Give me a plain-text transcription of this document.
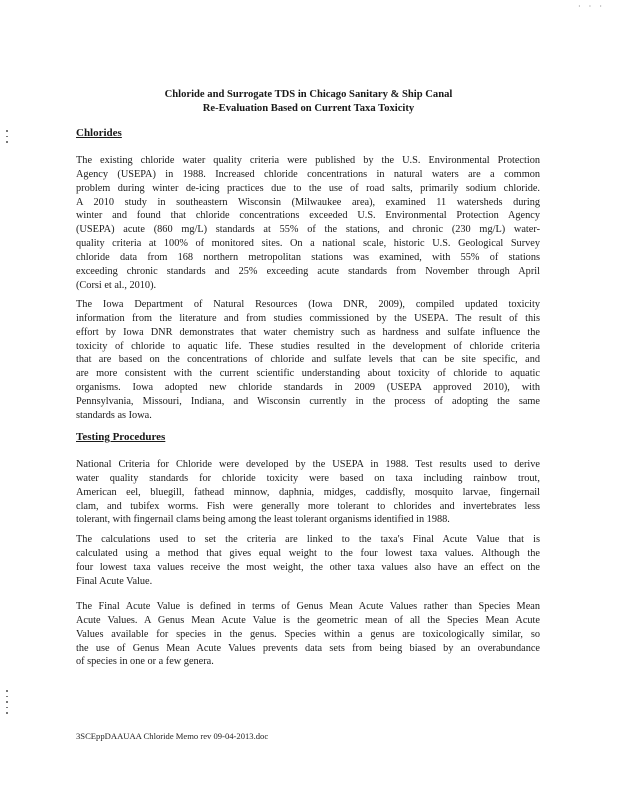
· · ·
Chloride and Surrogate TDS in Chicago Sanitary & Ship Canal
Re-Evaluation Based on Current Taxa Toxicity
Chlorides
The existing chloride water quality criteria were published by the U.S. Environmental Protection
Agency (USEPA) in 1988. Increased chloride concentrations in natural waters are a common
problem during winter de-icing practices due to the use of road salts, primarily sodium chloride.
A 2010 study in southeastern Wisconsin (Milwaukee area), examined 11 watersheds during
winter and found that chloride concentrations exceeded U.S. Environmental Protection Agency
(USEPA) acute (860 mg/L) standards at 55% of the stations, and chronic (230 mg/L) water-
quality criteria at 100% of monitored sites. On a national scale, historic U.S. Geological Survey
chloride data from 168 northern metropolitan stations was examined, with 55% of stations
exceeding chronic standards and 25% exceeding acute standards from November through April
(Corsi et al., 2010).
The Iowa Department of Natural Resources (Iowa DNR, 2009), compiled updated toxicity
information from the literature and from studies commissioned by the USEPA. The result of this
effort by Iowa DNR demonstrates that water chemistry such as hardness and sulfate influence the
toxicity of chloride to aquatic life. These studies resulted in the development of chloride criteria
that are based on the concentrations of chloride and sulfate levels that can be site specific, and
are more consistent with the current scientific understanding about toxicity of chloride to aquatic
organisms. Iowa adopted new chloride standards in 2009 (USEPA approved 2010), with
Pennsylvania, Missouri, Indiana, and Wisconsin currently in the process of adopting the same
standards as Iowa.
Testing Procedures
National Criteria for Chloride were developed by the USEPA in 1988. Test results used to derive
water quality standards for chloride toxicity were based on taxa including rainbow trout,
American eel, bluegill, fathead minnow, daphnia, midges, caddisfly, mosquito larvae, fingernail
clam, and tubifex worms. Fish were generally more tolerant to chlorides and invertebrates less
tolerant, with fingernail clams being among the least tolerant organisms identified in 1988.
The calculations used to set the criteria are linked to the taxa's Final Acute Value that is
calculated using a method that gives equal weight to the four lowest taxa values. Although the
four lowest taxa values receive the most weight, the other taxa values also have an effect on the
Final Acute Value.
The Final Acute Value is defined in terms of Genus Mean Acute Values rather than Species Mean
Acute Values. A Genus Mean Acute Value is the geometric mean of all the Species Mean Acute
Values available for species in the genus. Species within a genus are toxicologically similar, so
the use of Genus Mean Acute Values prevents data sets from being biased by an overabundance
of species in one or a few genera.
3SCEppDAAUAA Chloride Memo rev 09-04-2013.doc
